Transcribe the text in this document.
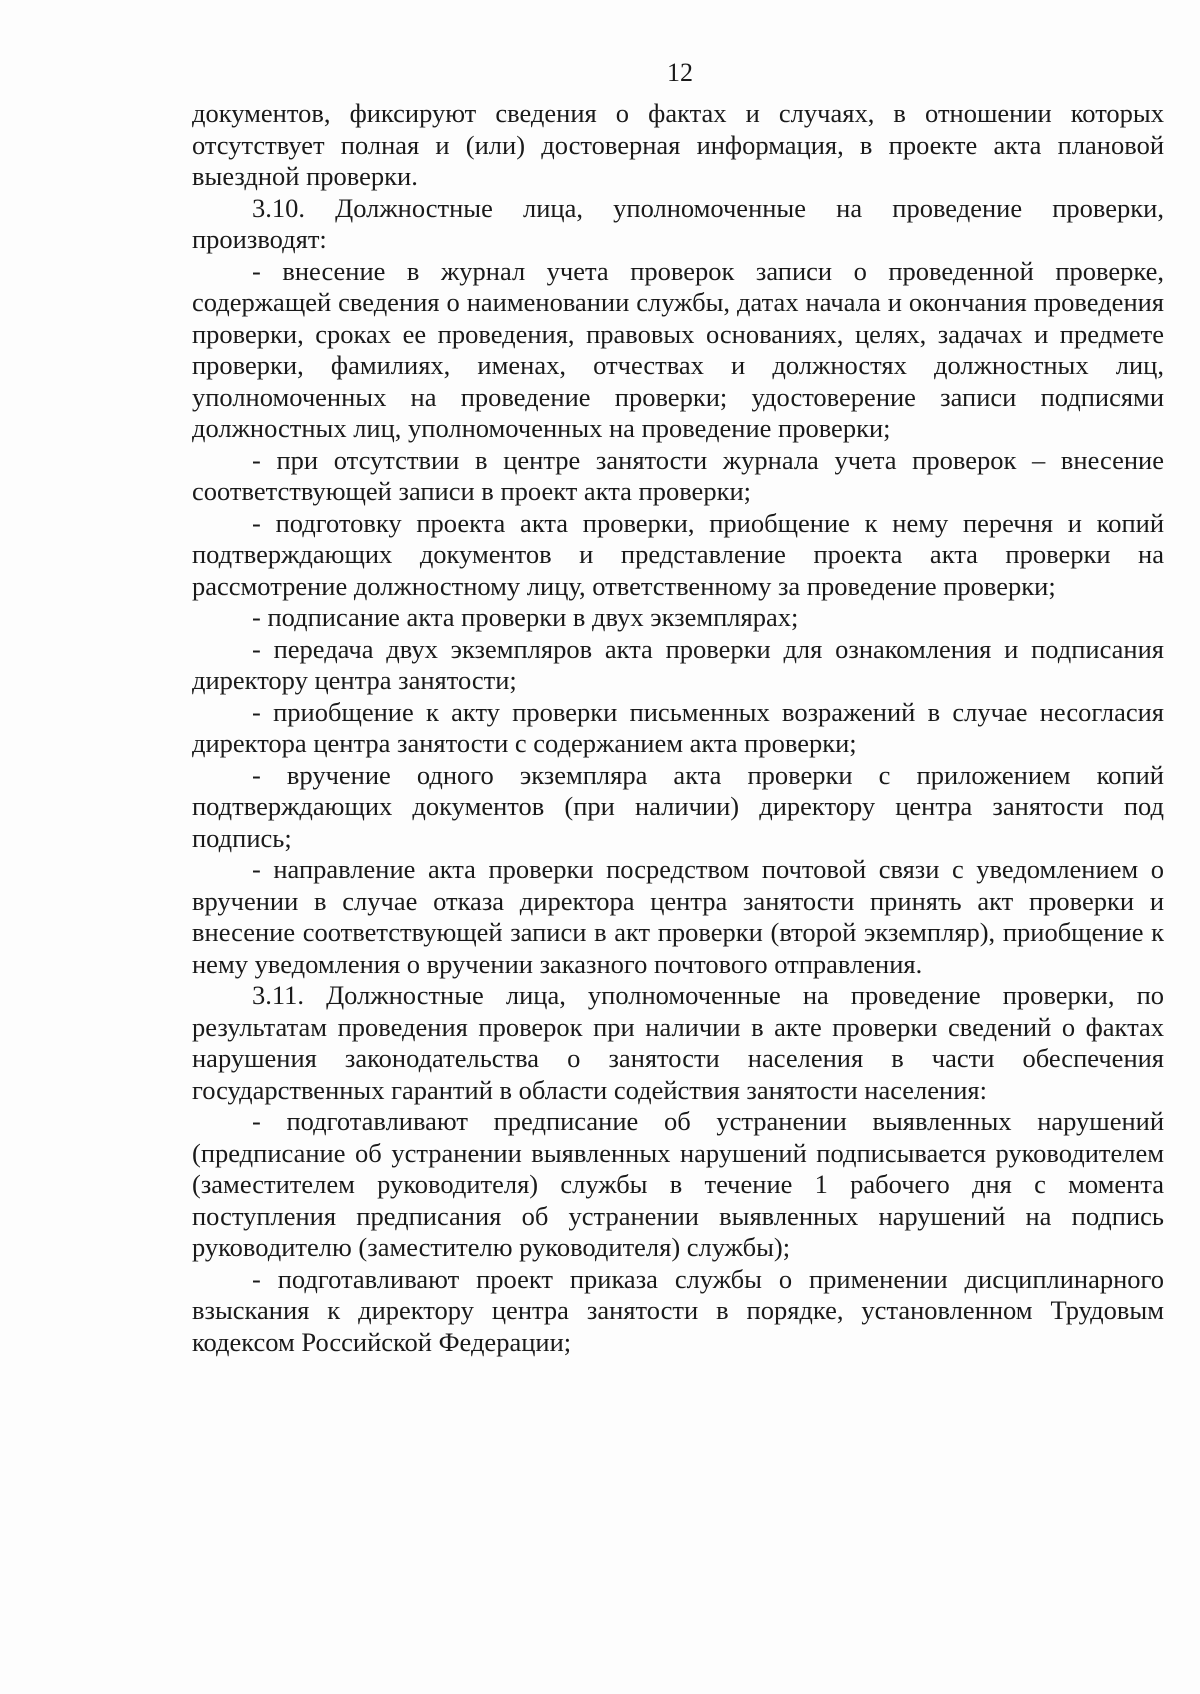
12

документов, фиксируют сведения о фактах и случаях, в отношении которых отсутствует полная и (или) достоверная информация, в проекте акта плановой выездной проверки.

3.10. Должностные лица, уполномоченные на проведение проверки, производят:

- внесение в журнал учета проверок записи о проведенной проверке, содержащей сведения о наименовании службы, датах начала и окончания проведения проверки, сроках ее проведения, правовых основаниях, целях, задачах и предмете проверки, фамилиях, именах, отчествах и должностях должностных лиц, уполномоченных на проведение проверки; удостоверение записи подписями должностных лиц, уполномоченных на проведение проверки;

- при отсутствии в центре занятости журнала учета проверок – внесение соответствующей записи в проект акта проверки;

- подготовку проекта акта проверки, приобщение к нему перечня и копий подтверждающих документов и представление проекта акта проверки на рассмотрение должностному лицу, ответственному за проведение проверки;

- подписание акта проверки в двух экземплярах;

- передача двух экземпляров акта проверки для ознакомления и подписания директору центра занятости;

- приобщение к акту проверки письменных возражений в случае несогласия директора центра занятости с содержанием акта проверки;

- вручение одного экземпляра акта проверки с приложением копий подтверждающих документов (при наличии) директору центра занятости под подпись;

- направление акта проверки посредством почтовой связи с уведомлением о вручении в случае отказа директора центра занятости принять акт проверки и внесение соответствующей записи в акт проверки (второй экземпляр), приобщение к нему уведомления о вручении заказного почтового отправления.

3.11. Должностные лица, уполномоченные на проведение проверки, по результатам проведения проверок при наличии в акте проверки сведений о фактах нарушения законодательства о занятости населения в части обеспечения государственных гарантий в области содействия занятости населения:

- подготавливают предписание об устранении выявленных нарушений (предписание об устранении выявленных нарушений подписывается руководителем (заместителем руководителя) службы в течение 1 рабочего дня с момента поступления предписания об устранении выявленных нарушений на подпись руководителю (заместителю руководителя) службы);

- подготавливают проект приказа службы о применении дисциплинарного взыскания к директору центра занятости в порядке, установленном Трудовым кодексом Российской Федерации;
